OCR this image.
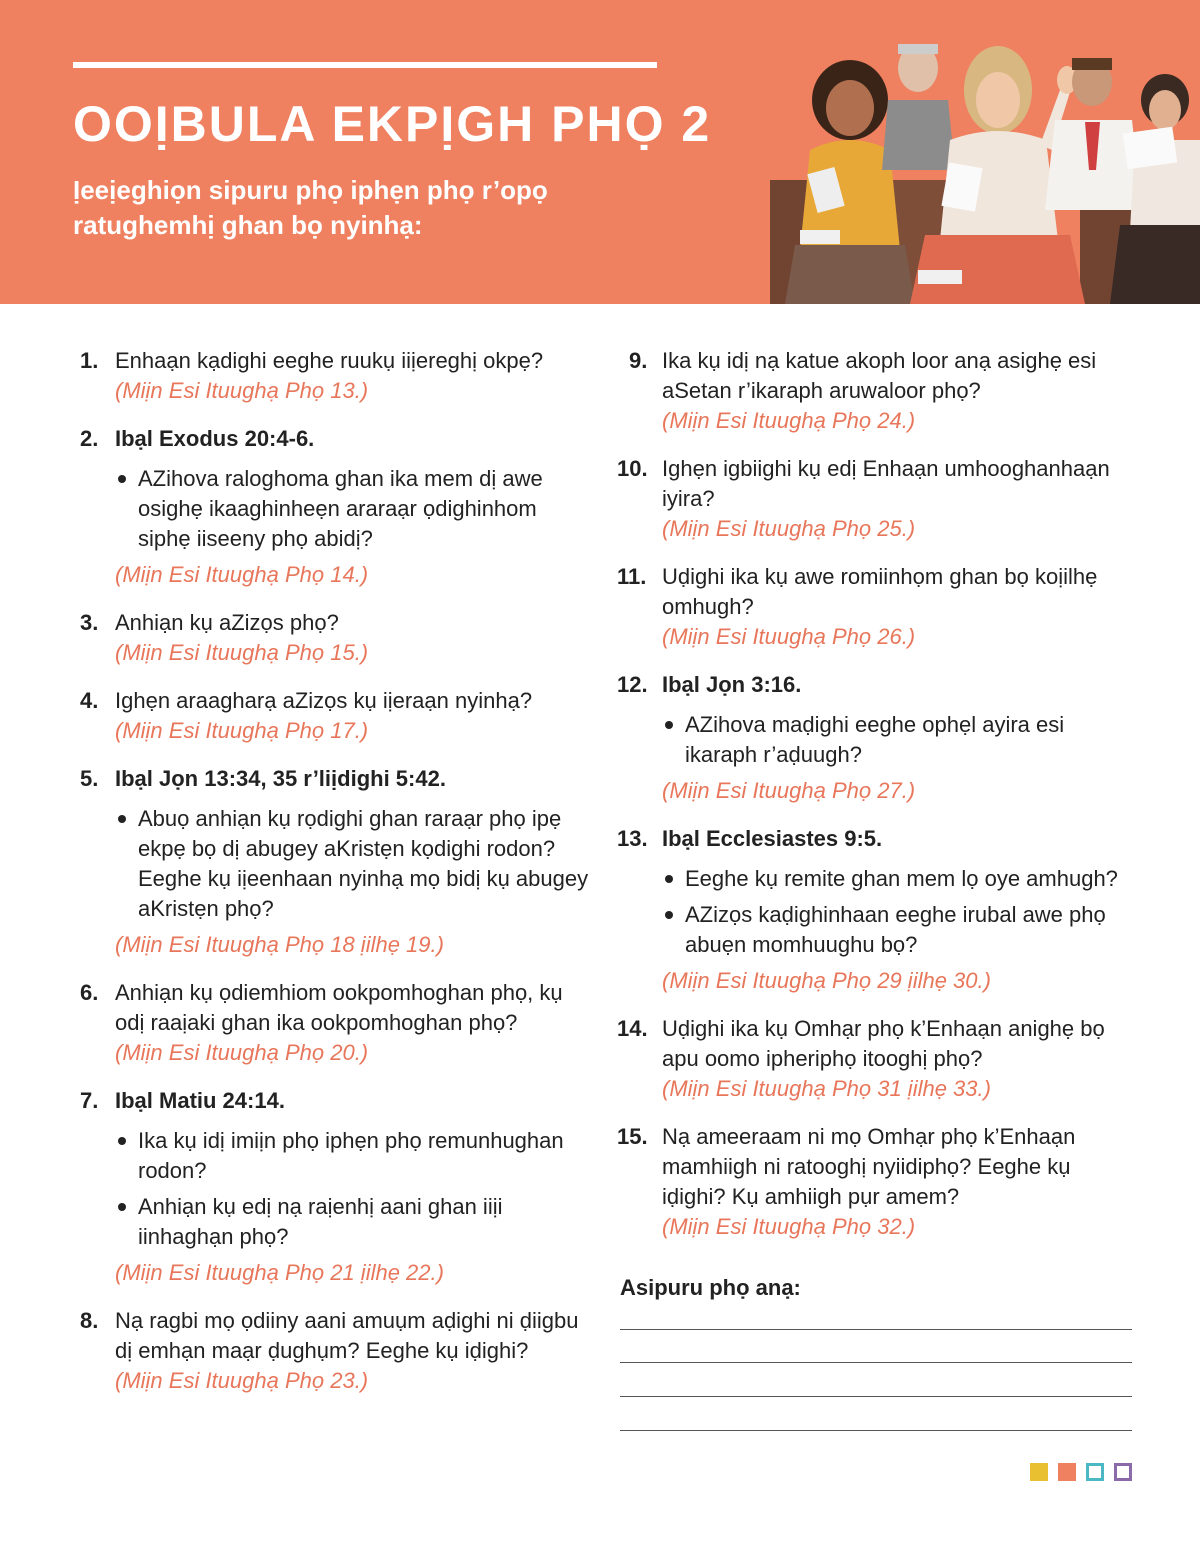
OOỊBULA EKPỊGH PHỌ 2
Ịeeịeghiọn sipuru phọ iphẹn phọ r’opọ ratughemhị ghan bọ nyinhạ:
1. Enhaạn kạdighi eeghe ruukụ iiịereghị okpẹ?
(Miịn Esi Ituughạ Phọ 13.)
2. Ibạl Exodus 20:4-6.
AZihova raloghoma ghan ika mem dị awe osighẹ ikaaghinheẹn araraạr ọdighinhom siphẹ iiseeny phọ abidị?
(Miịn Esi Ituughạ Phọ 14.)
3. Anhiạn kụ aZizọs phọ?
(Miịn Esi Ituughạ Phọ 15.)
4. Ighẹn araagharạ aZizọs kụ iịeraạn nyinhạ?
(Miịn Esi Ituughạ Phọ 17.)
5. Ibạl Jọn 13:34, 35 r’liịdighi 5:42.
Abuọ anhiạn kụ rọdighi ghan raraạr phọ ipẹ ekpẹ bọ dị abugey aKristẹn kọdighi rodon? Eeghe kụ iịeenhaan nyinhạ mọ bidị kụ abugey aKristẹn phọ?
(Miịn Esi Ituughạ Phọ 18 ịilhẹ 19.)
6. Anhiạn kụ ọdiemhiom ookpomhoghan phọ, kụ odị raaịaki ghan ika ookpomhoghan phọ?
(Miịn Esi Ituughạ Phọ 20.)
7. Ibạl Matiu 24:14.
Ika kụ idị imiịn phọ iphẹn phọ remunhughan rodon?
Anhiạn kụ edị nạ raịenhị aani ghan iiịi iinhaghạn phọ?
(Miịn Esi Ituughạ Phọ 21 ịilhẹ 22.)
8. Nạ ragbi mọ ọdiiny aani amuụm aḍighi ni ḍiigbu dị emhạn maạr ḍughụm? Eeghe kụ iḍighi?
(Miịn Esi Ituughạ Phọ 23.)
9. Ika kụ idị nạ katue akoph loor anạ asighẹ esi aSetan r’ikaraph aruwaloor phọ?
(Miịn Esi Ituughạ Phọ 24.)
10. Ighẹn igbiighi kụ edị Enhaạn umhooghanhaạn iyira?
(Miịn Esi Ituughạ Phọ 25.)
11. Uḍighi ika kụ awe romiinhọm ghan bọ koịilhẹ omhugh?
(Miịn Esi Ituughạ Phọ 26.)
12. Ibạl Jọn 3:16.
AZihova maḍighi eeghe ophẹl ayira esi ikaraph r’aḍuugh?
(Miịn Esi Ituughạ Phọ 27.)
13. Ibạl Ecclesiastes 9:5.
Eeghe kụ remite ghan mem lọ oye amhugh?
AZizọs kaḍighinhaan eeghe irubal awe phọ abuẹn momhuughu bọ?
(Miịn Esi Ituughạ Phọ 29 ịilhẹ 30.)
14. Uḍighi ika kụ Omhạr phọ k’Enhaạn anighẹ bọ apu oomo ipheriphọ itooghị phọ?
(Miịn Esi Ituughạ Phọ 31 ịilhẹ 33.)
15. Nạ ameeraam ni mọ Omhạr phọ k’Enhaạn mamhiigh ni ratooghị nyiidiphọ? Eeghe kụ iḍighi? Kụ amhiigh pụr amem?
(Miịn Esi Ituughạ Phọ 32.)
Asipuru phọ anạ:
